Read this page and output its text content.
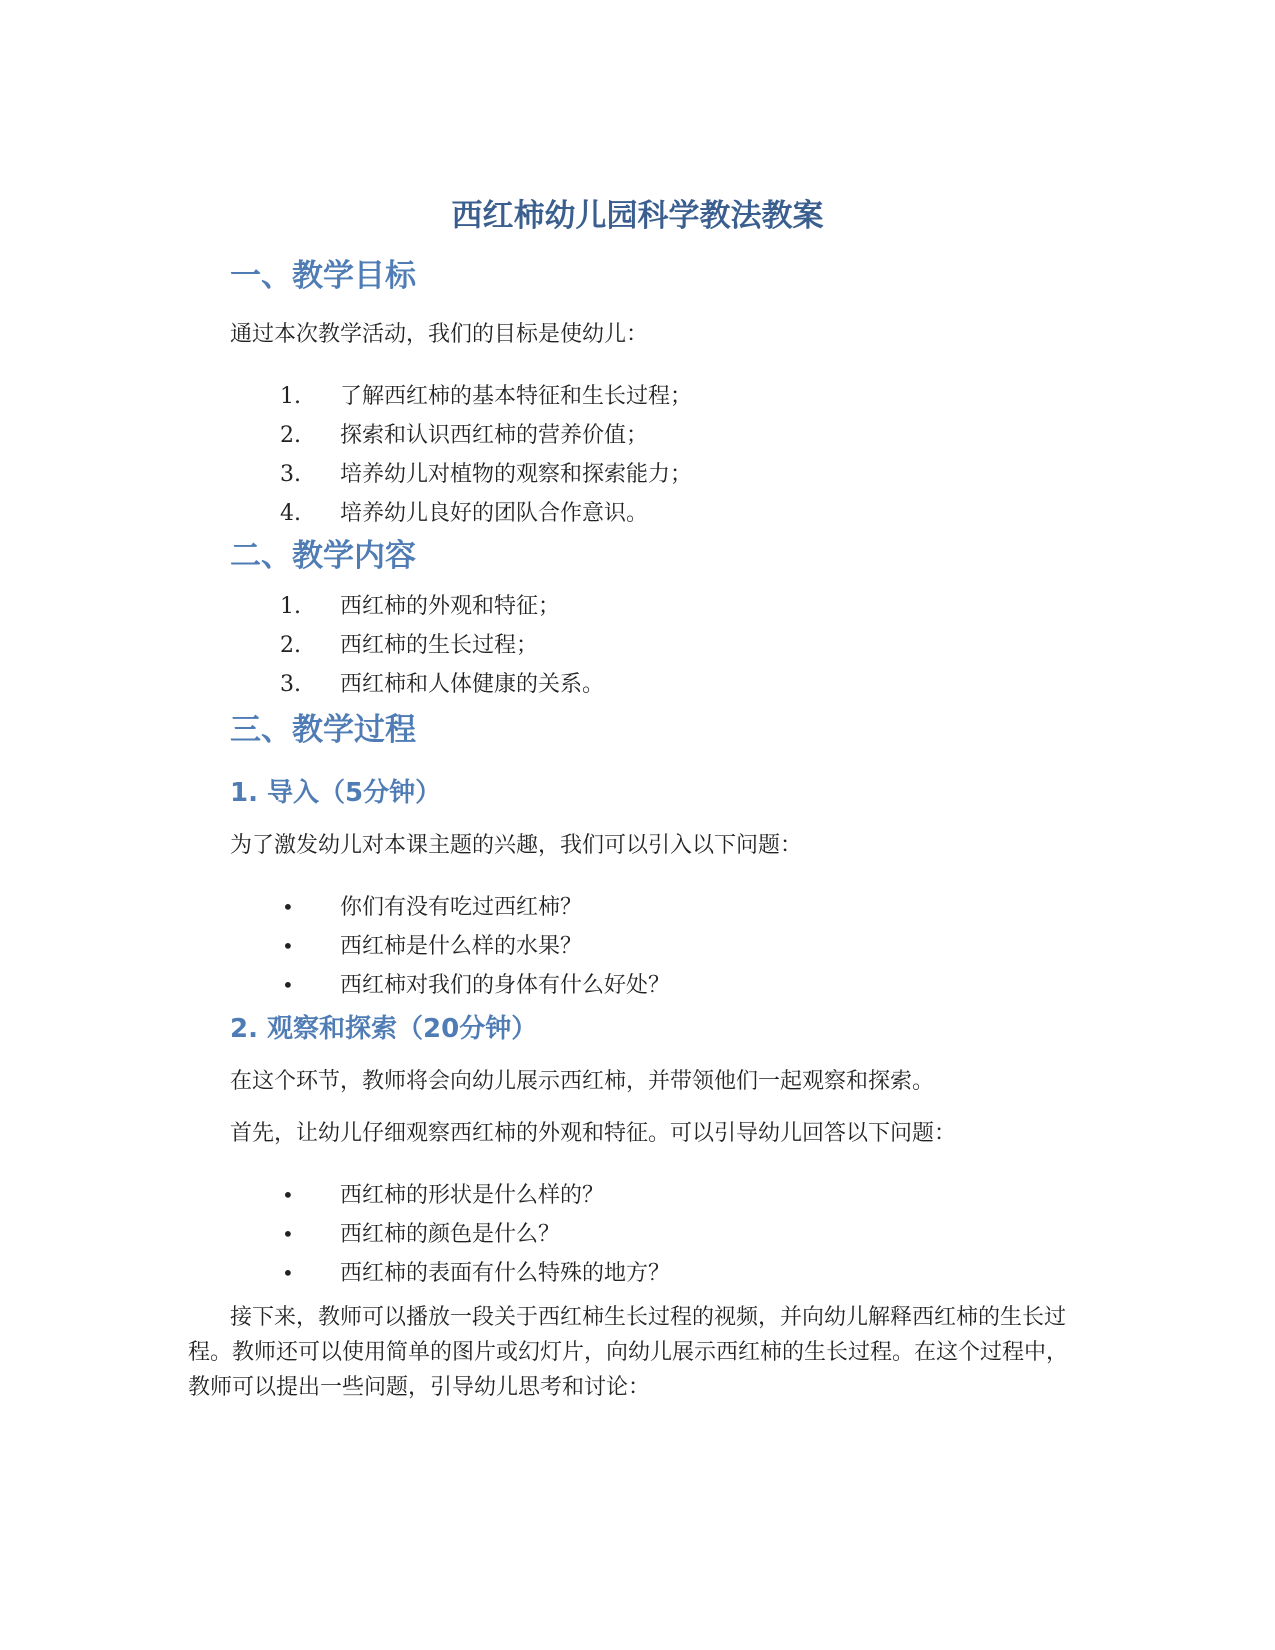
西红柿幼儿园科学教法教案
一、教学目标

通过本次教学活动，我们的目标是使幼儿：

1.	了解西红柿的基本特征和生长过程；
2.	探索和认识西红柿的营养价值；
3.	培养幼儿对植物的观察和探索能力；
4.	培养幼儿良好的团队合作意识。
二、教学内容
1.	西红柿的外观和特征；
2.	西红柿的生长过程；
3.	西红柿和人体健康的关系。
三、教学过程
1. 导入（5分钟）

为了激发幼儿对本课主题的兴趣，我们可以引入以下问题：

• 你们有没有吃过西红柿？
• 西红柿是什么样的水果？
• 西红柿对我们的身体有什么好处？
2. 观察和探索（20分钟）

在这个环节，教师将会向幼儿展示西红柿，并带领他们一起观察和探索。

首先，让幼儿仔细观察西红柿的外观和特征。可以引导幼儿回答以下问题：

• 西红柿的形状是什么样的？
• 西红柿的颜色是什么？
• 西红柿的表面有什么特殊的地方？

接下来，教师可以播放一段关于西红柿生长过程的视频，并向幼儿解释西红柿的生长过程。教师还可以使用简单的图片或幻灯片，向幼儿展示西红柿的生长过程。在这个过程中，教师可以提出一些问题，引导幼儿思考和讨论：
